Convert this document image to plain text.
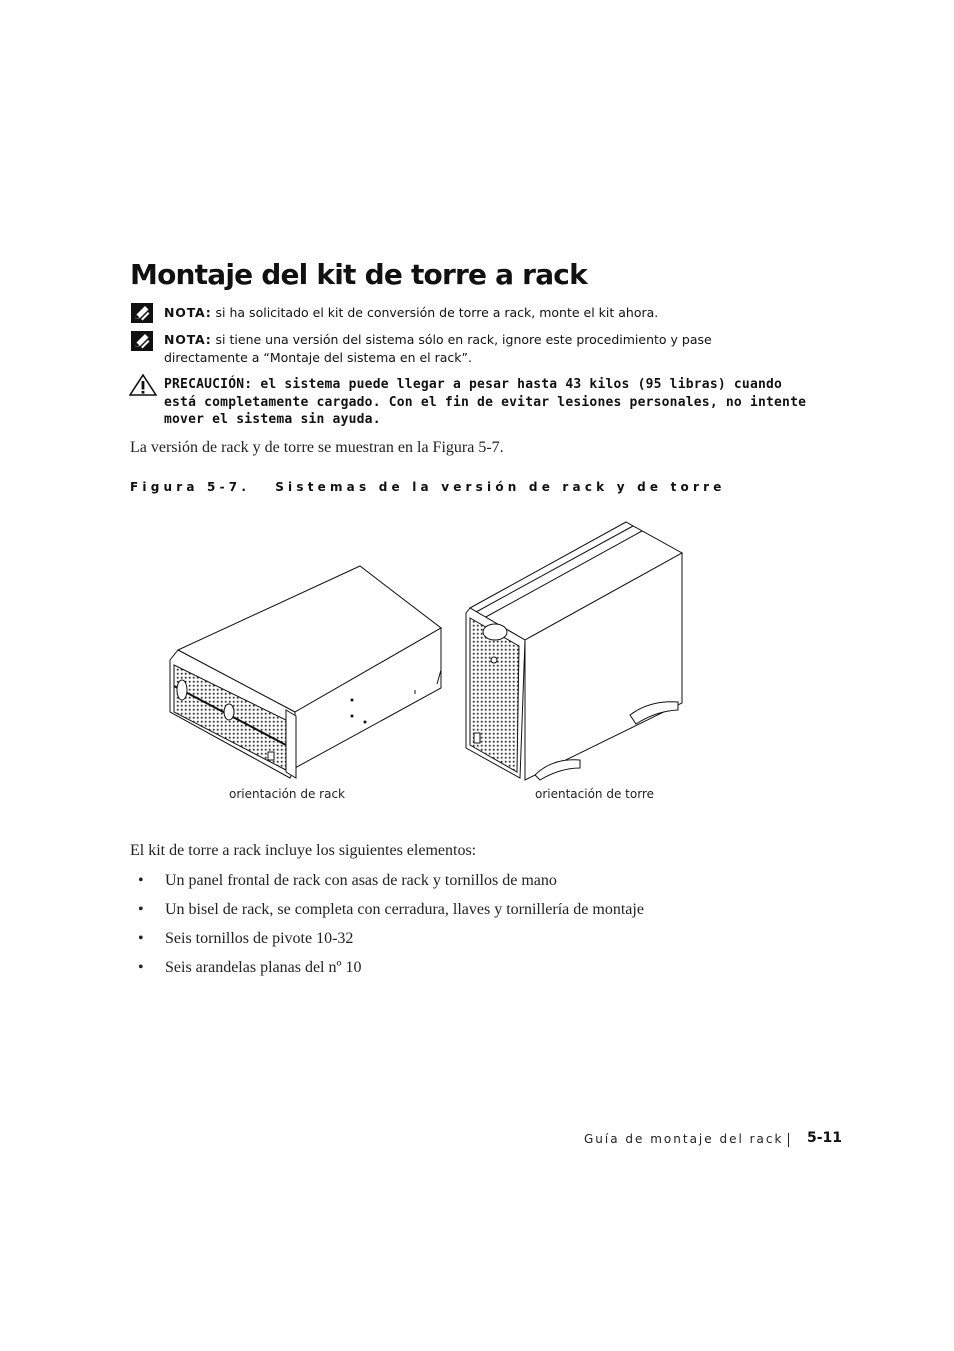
Montaje del kit de torre a rack
NOTA: si ha solicitado el kit de conversión de torre a rack, monte el kit ahora.
NOTA: si tiene una versión del sistema sólo en rack, ignore este procedimiento y pase
directamente a “Montaje del sistema en el rack”.
PRECAUCIÓN: el sistema puede llegar a pesar hasta 43 kilos (95 libras) cuando
está completamente cargado. Con el fin de evitar lesiones personales, no intente
mover el sistema sin ayuda.
La versión de rack y de torre se muestran en la Figura 5-7.
Figura 5-7.   Sistemas de la versión de rack y de torre
orientación de rack	orientación de torre
El kit de torre a rack incluye los siguientes elementos:
• Un panel frontal de rack con asas de rack y tornillos de mano
• Un bisel de rack, se completa con cerradura, llaves y tornillería de montaje
• Seis tornillos de pivote 10-32
• Seis arandelas planas del nº 10
Guía de montaje del rack 5-11
